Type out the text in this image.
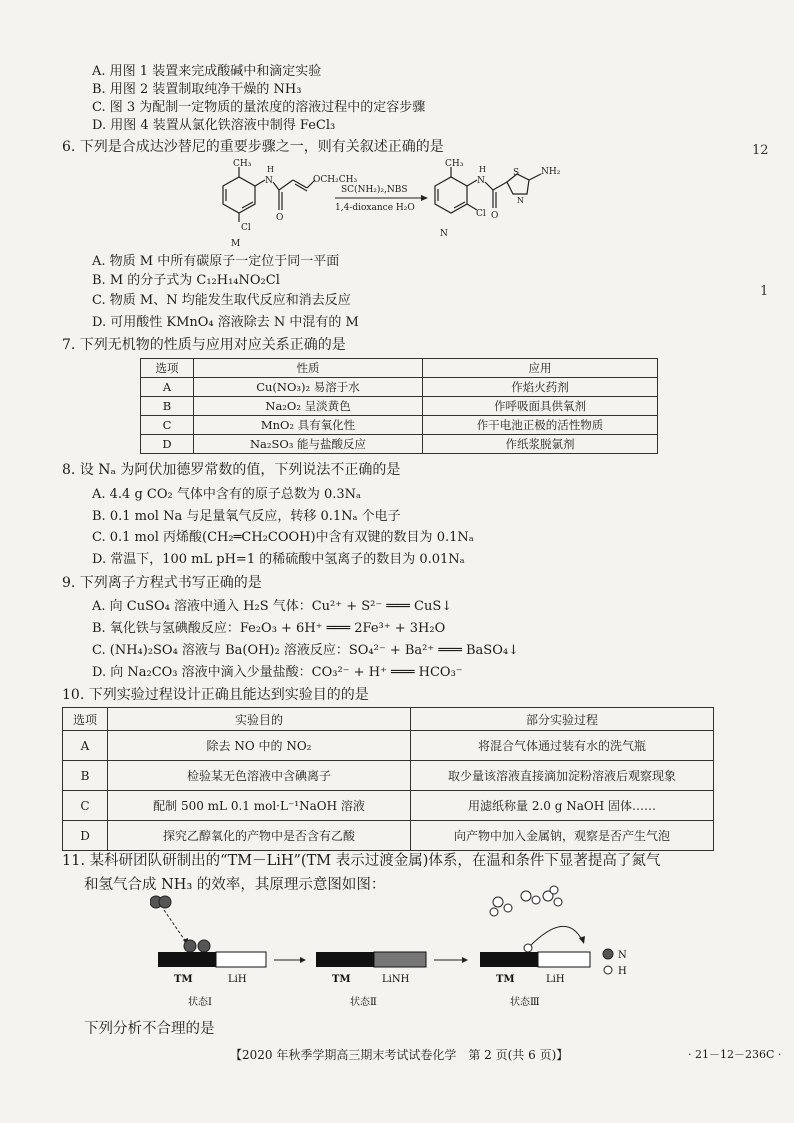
A. 用图 1 装置来完成酸碱中和滴定实验
B. 用图 2 装置制取纯净干燥的 NH₃
C. 图 3 为配制一定物质的量浓度的溶液过程中的定容步骤
D. 用图 4 装置从氯化铁溶液中制得 FeCl₃
12
1
6. 下列是合成达沙替尼的重要步骤之一，则有关叙述正确的是
CH₃
H
N	OCH₂CH₃
O
Cl
M
SC(NH₂)₂,NBS
1,4-dioxance H₂O
CH₃
H
N
S NH₂
O
Cl
N
N
A. 物质 M 中所有碳原子一定位于同一平面
B. M 的分子式为 C₁₂H₁₄NO₂Cl
C. 物质 M、N 均能发生取代反应和消去反应
D. 可用酸性 KMnO₄ 溶液除去 N 中混有的 M
7. 下列无机物的性质与应用对应关系正确的是
选项	性质	应用
A	Cu(NO₃)₂ 易溶于水	作焰火药剂
B	Na₂O₂ 呈淡黄色	作呼吸面具供氧剂
C	MnO₂ 具有氧化性	作干电池正极的活性物质
D	Na₂SO₃ 能与盐酸反应	作纸浆脱氯剂
8. 设 Nₐ 为阿伏加德罗常数的值，下列说法不正确的是
A. 4.4 g CO₂ 气体中含有的原子总数为 0.3Nₐ
B. 0.1 mol Na 与足量氧气反应，转移 0.1Nₐ 个电子
C. 0.1 mol 丙烯酸(CH₂═CH₂COOH)中含有双键的数目为 0.1Nₐ
D. 常温下，100 mL pH=1 的稀硫酸中氢离子的数目为 0.01Nₐ
9. 下列离子方程式书写正确的是
A. 向 CuSO₄ 溶液中通入 H₂S 气体：Cu²⁺ + S²⁻ ═══ CuS↓
B. 氧化铁与氢碘酸反应：Fe₂O₃ + 6H⁺ ═══ 2Fe³⁺ + 3H₂O
C. (NH₄)₂SO₄ 溶液与 Ba(OH)₂ 溶液反应：SO₄²⁻ + Ba²⁺ ═══ BaSO₄↓
D. 向 Na₂CO₃ 溶液中滴入少量盐酸：CO₃²⁻ + H⁺ ═══ HCO₃⁻
10. 下列实验过程设计正确且能达到实验目的的是
选项	实验目的	部分实验过程
A	除去 NO 中的 NO₂	将混合气体通过装有水的洗气瓶
B	检验某无色溶液中含碘离子	取少量该溶液直接滴加淀粉溶液后观察现象
C	配制 500 mL 0.1 mol·L⁻¹NaOH 溶液	用滤纸称量 2.0 g NaOH 固体……
D	探究乙醇氧化的产物中是否含有乙酸	向产物中加入金属钠，观察是否产生气泡
11. 某科研团队研制出的“TM－LiH”(TM 表示过渡金属)体系，在温和条件下显著提高了氮气
和氢气合成 NH₃ 的效率，其原理示意图如图：
TM	LiH
状态Ⅰ
TM	LiNH
状态Ⅱ
TM	LiH
状态Ⅲ
N
H
下列分析不合理的是
【2020 年秋季学期高三期末考试试卷化学　第 2 页(共 6 页)】	· 21－12－236C ·
